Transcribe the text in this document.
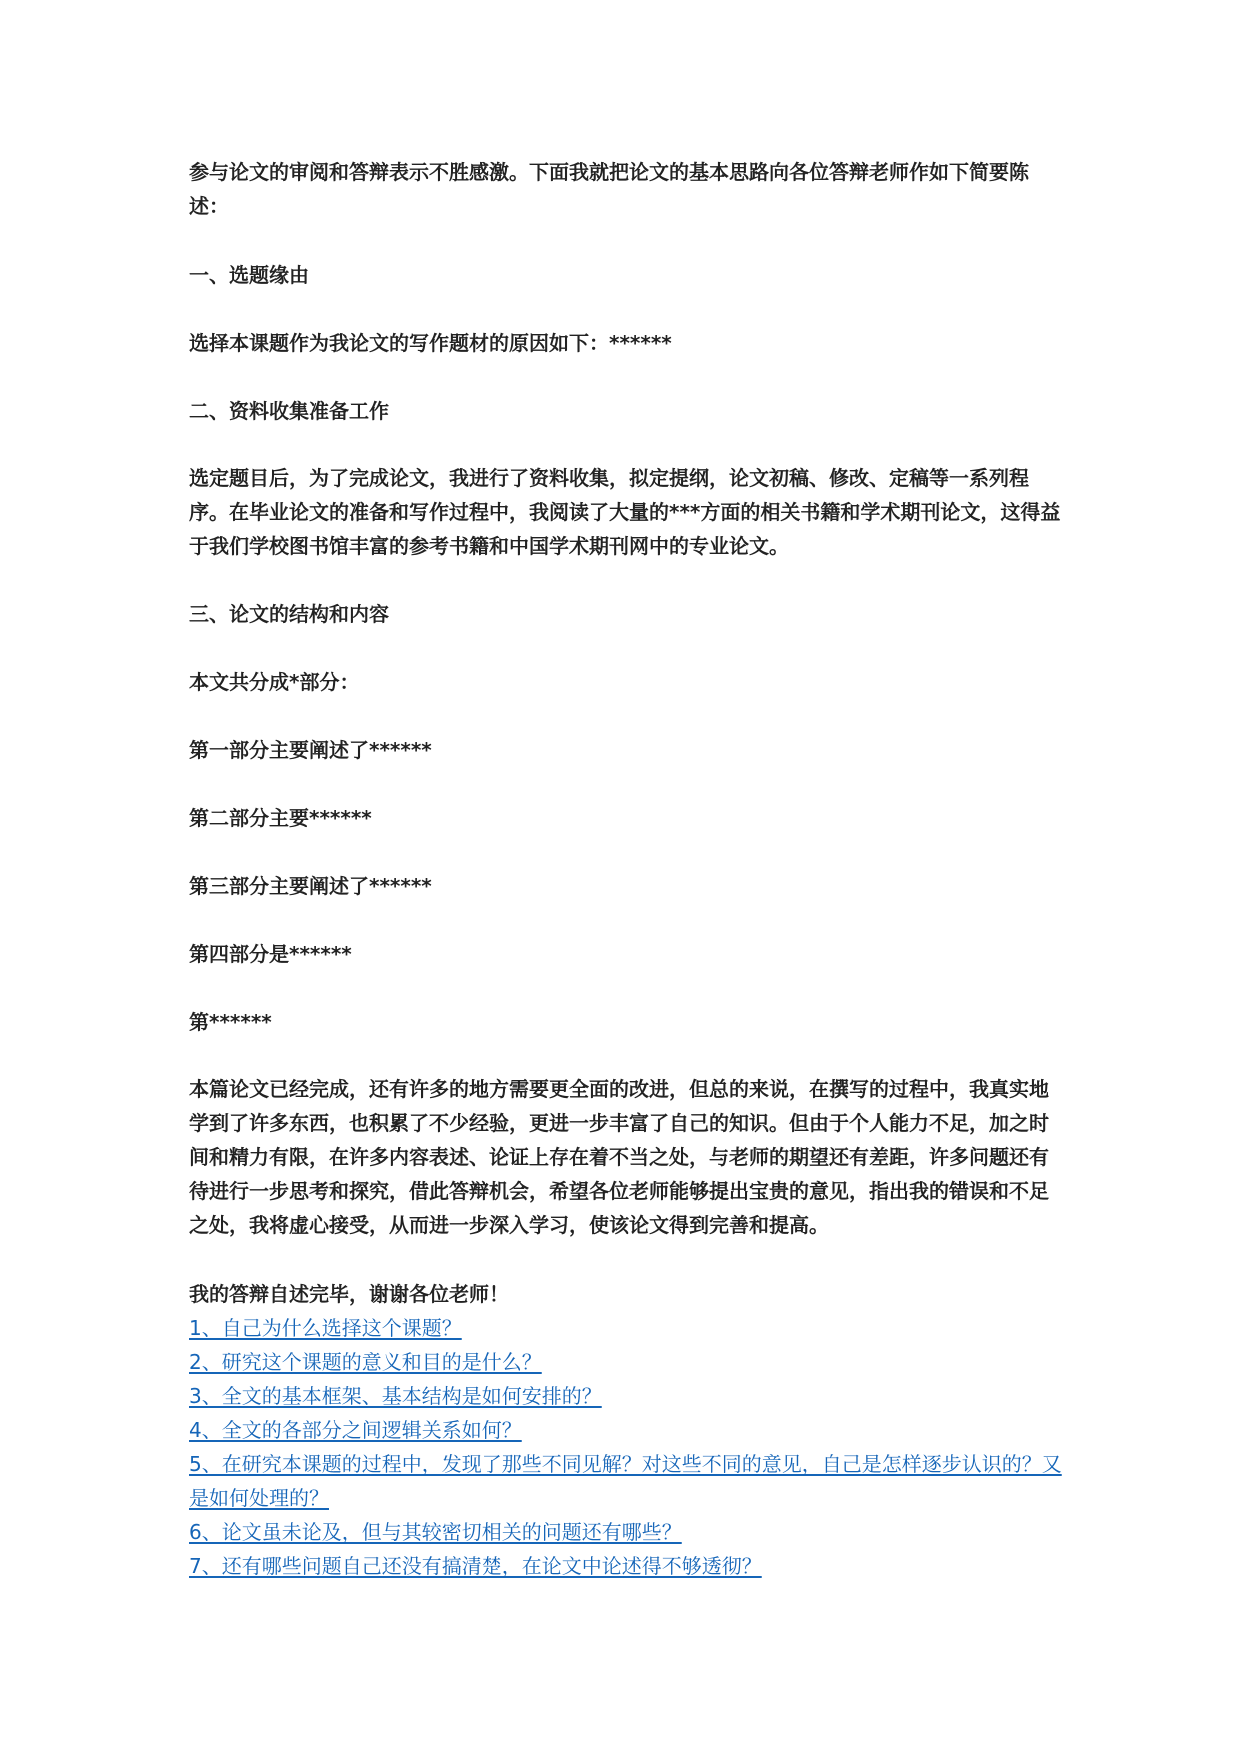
参与论文的审阅和答辩表示不胜感激。下面我就把论文的基本思路向各位答辩老师作如下简要陈述：

一、选题缘由

选择本课题作为我论文的写作题材的原因如下：******

二、资料收集准备工作

选定题目后，为了完成论文，我进行了资料收集，拟定提纲，论文初稿、修改、定稿等一系列程序。在毕业论文的准备和写作过程中，我阅读了大量的***方面的相关书籍和学术期刊论文，这得益于我们学校图书馆丰富的参考书籍和中国学术期刊网中的专业论文。

三、论文的结构和内容

本文共分成*部分：

第一部分主要阐述了******

第二部分主要******

第三部分主要阐述了******

第四部分是******

第******

本篇论文已经完成，还有许多的地方需要更全面的改进，但总的来说，在撰写的过程中，我真实地学到了许多东西，也积累了不少经验，更进一步丰富了自己的知识。但由于个人能力不足，加之时间和精力有限，在许多内容表述、论证上存在着不当之处，与老师的期望还有差距，许多问题还有待进行一步思考和探究，借此答辩机会，希望各位老师能够提出宝贵的意见，指出我的错误和不足之处，我将虚心接受，从而进一步深入学习，使该论文得到完善和提高。

我的答辩自述完毕，谢谢各位老师！

1、自己为什么选择这个课题？

2、研究这个课题的意义和目的是什么？

3、全文的基本框架、基本结构是如何安排的？

4、全文的各部分之间逻辑关系如何？

5、在研究本课题的过程中，发现了那些不同见解？对这些不同的意见，自己是怎样逐步认识的？又是如何处理的？

6、论文虽未论及，但与其较密切相关的问题还有哪些？

7、还有哪些问题自己还没有搞清楚，在论文中论述得不够透彻？
